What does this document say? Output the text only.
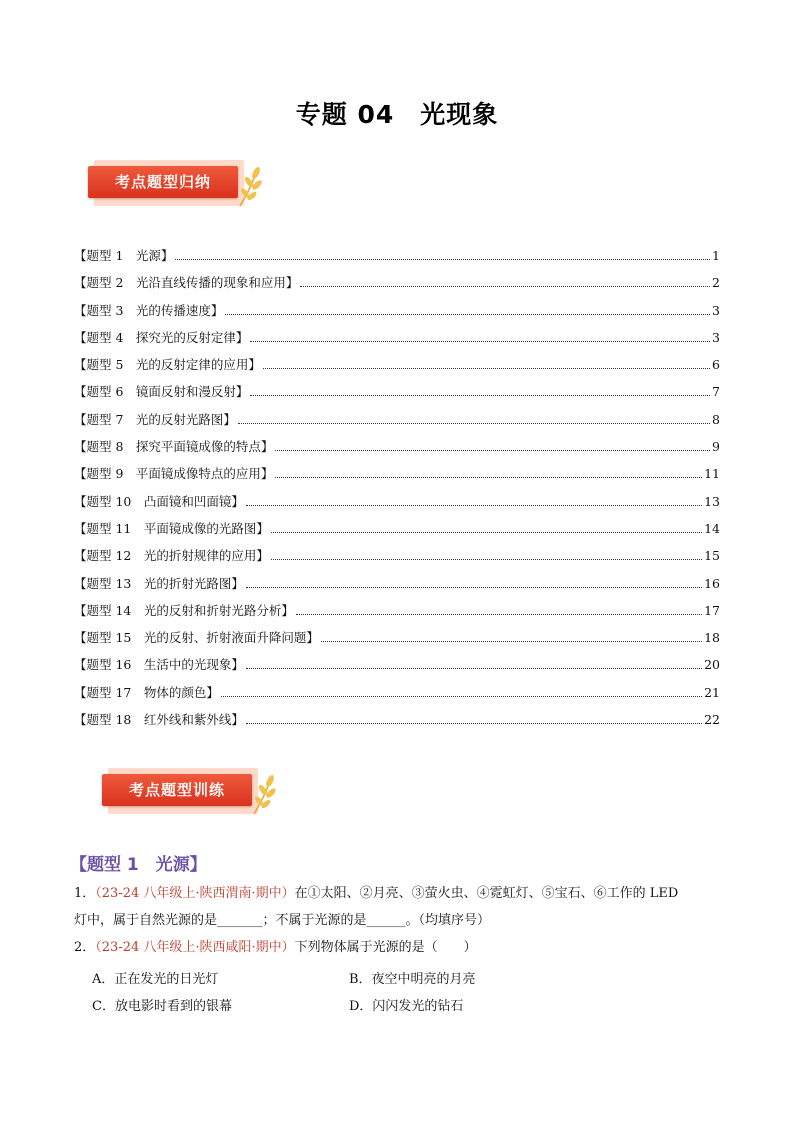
专题 04 光现象
考点题型归纳
【题型 1　光源】	1
【题型 2　光沿直线传播的现象和应用】	2
【题型 3　光的传播速度】	3
【题型 4　探究光的反射定律】	3
【题型 5　光的反射定律的应用】	6
【题型 6　镜面反射和漫反射】	7
【题型 7　光的反射光路图】	8
【题型 8　探究平面镜成像的特点】	9
【题型 9　平面镜成像特点的应用】	11
【题型 10　凸面镜和凹面镜】	13
【题型 11　平面镜成像的光路图】	14
【题型 12　光的折射规律的应用】	15
【题型 13　光的折射光路图】	16
【题型 14　光的反射和折射光路分析】	17
【题型 15　光的反射、折射液面升降问题】	18
【题型 16　生活中的光现象】	20
【题型 17　物体的颜色】	21
【题型 18　红外线和紫外线】	22
考点题型训练
【题型 1　光源】
1．（23-24 八年级上·陕西渭南·期中）在①太阳、②月亮、③萤火虫、④霓虹灯、⑤宝石、⑥工作的 LED
灯中，属于自然光源的是_______；不属于光源的是______。（均填序号）
2．（23-24 八年级上·陕西咸阳·期中）下列物体属于光源的是（　　）
A．正在发光的日光灯	B．夜空中明亮的月亮
C．放电影时看到的银幕	D．闪闪发光的钻石
